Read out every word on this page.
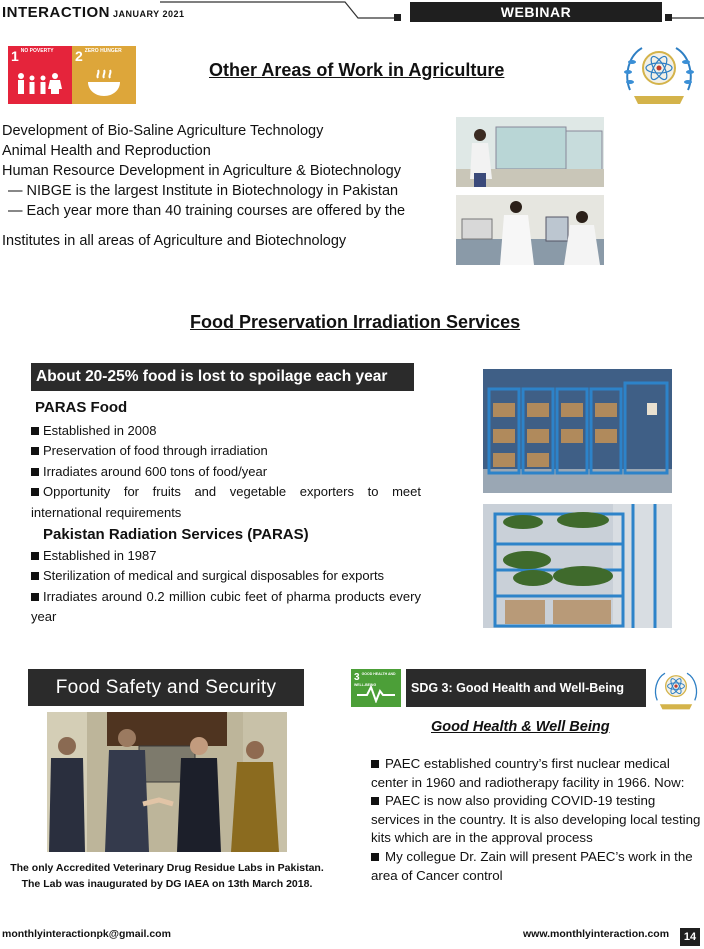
INTERACTION JANUARY 2021	WEBINAR
1 NO POVERTY	2 ZERO HUNGER
Other Areas of Work in Agriculture
Development of Bio-Saline Agriculture Technology
Animal Health and Reproduction
Human Resource Development in Agriculture & Biotechnology
— NIBGE is the largest Institute in Biotechnology in Pakistan
— Each year more than 40 training courses are offered by the
Institutes in all areas of Agriculture and Biotechnology
Food Preservation Irradiation Services
About 20-25% food is lost to spoilage each year
PARAS Food
Established in 2008
Preservation of food through irradiation
Irradiates around 600 tons of food/year
Opportunity for fruits and vegetable exporters to meet international requirements
Pakistan Radiation Services (PARAS)
Established in 1987
Sterilization of medical and surgical disposables for exports
Irradiates around 0.2 million cubic feet of pharma products every year
Food Safety and Security
The only Accredited Veterinary Drug Residue Labs in Pakistan.
The Lab was inaugurated by DG IAEA on 13th March 2018.
3 GOOD HEALTH AND WELL-BEING	SDG 3: Good Health and Well-Being
Good Health & Well Being
PAEC established country’s first nuclear medical center in 1960 and radiotherapy facility in 1966. Now:
PAEC is now also providing COVID-19 testing services in the country. It is also developing local testing kits which are in the approval process
My collegue Dr. Zain will present PAEC’s work in the area of Cancer control
monthlyinteractionpk@gmail.com	www.monthlyinteraction.com	14
